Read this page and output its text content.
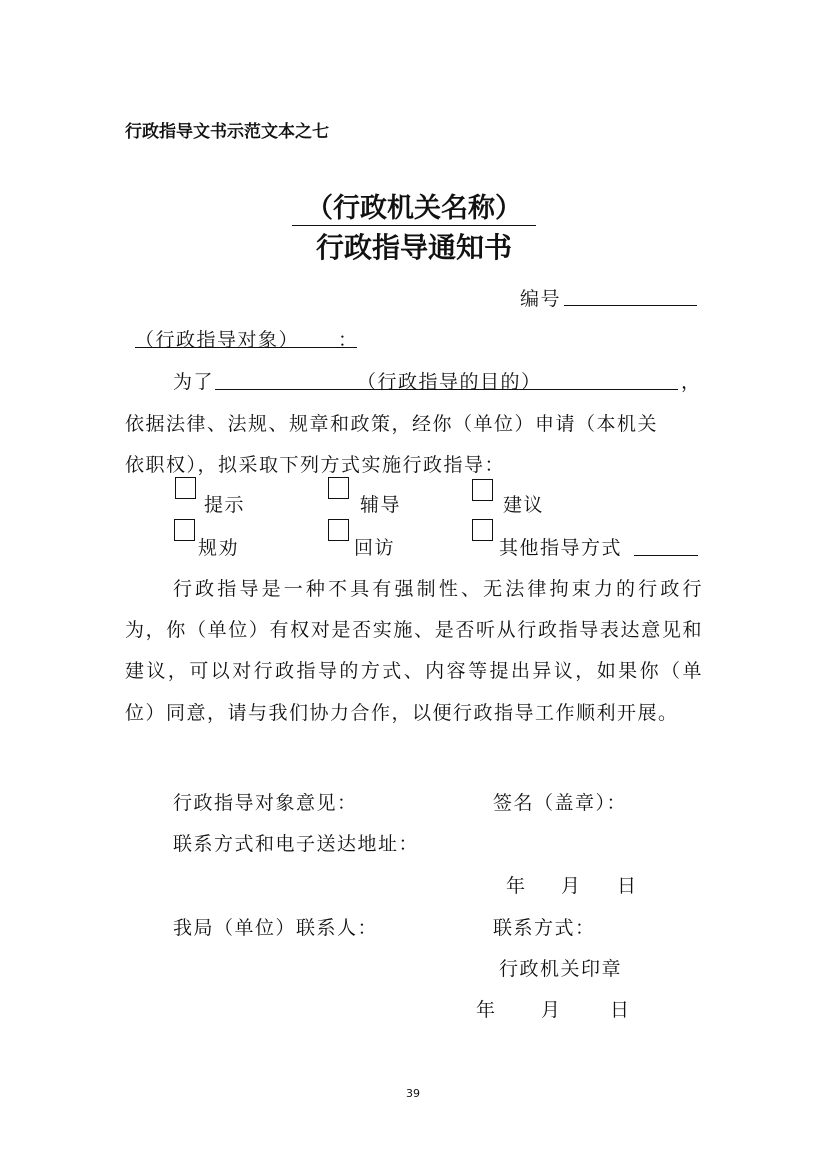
行政指导文书示范文本之七
（行政机关名称）
行政指导通知书
编号
（行政指导对象） ：
为了	（行政指导的目的）	，
依据法律、法规、规章和政策，经你（单位）申请（本机关
依职权），拟采取下列方式实施行政指导：
提示	辅导	建议
规劝	回访	其他指导方式
行政指导是一种不具有强制性、无法律拘束力的行政行为，你（单位）有权对是否实施、是否听从行政指导表达意见和建议，可以对行政指导的方式、内容等提出异议，如果你（单位）同意，请与我们协力合作，以便行政指导工作顺利开展。
行政指导对象意见：	签名（盖章）：
联系方式和电子送达地址：
年 月 日
我局（单位）联系人：	联系方式：
行政机关印章
年 月	日
39
